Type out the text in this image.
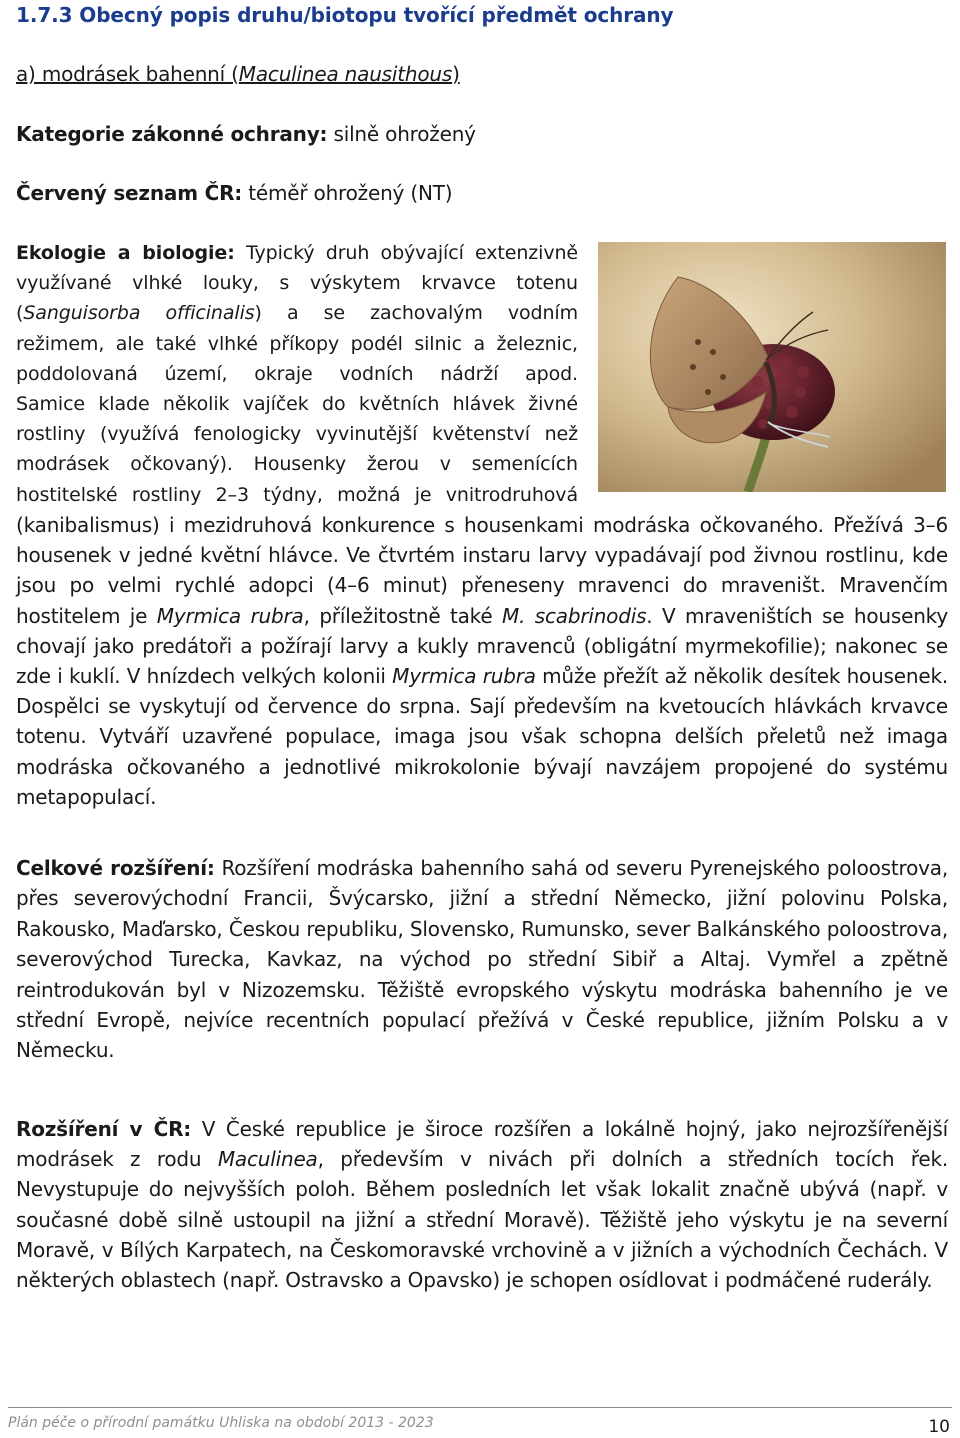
1.7.3 Obecný popis druhu/biotopu tvořící předmět ochrany

a) modrásek bahenní (Maculinea nausithous)

Kategorie zákonné ochrany: silně ohrožený

Červený seznam ČR: téměř ohrožený (NT)

Ekologie a biologie: Typický druh obývající extenzivně
využívané vlhké louky, s výskytem krvavce totenu
(Sanguisorba officinalis) a se zachovalým vodním
režimem, ale také vlhké příkopy podél silnic a železnic,
poddolovaná území, okraje vodních nádrží apod.
Samice klade několik vajíček do květních hlávek živné
rostliny (využívá fenologicky vyvinutější květenství než
modrásek očkovaný). Housenky žerou v semenících
hostitelské rostliny 2–3 týdny, možná je vnitrodruhová

(kanibalismus) i mezidruhová konkurence s housenkami modráska očkovaného. Přežívá 3–6 housenek v jedné květní hlávce. Ve čtvrtém instaru larvy vypadávají pod živnou rostlinu, kde jsou po velmi rychlé adopci (4–6 minut) přeneseny mravenci do mraveništ. Mravenčím hostitelem je Myrmica rubra, příležitostně také M. scabrinodis. V mraveništích se housenky chovají jako predátoři a požírají larvy a kukly mravenců (obligátní myrmekofilie); nakonec se zde i kuklí. V hnízdech velkých kolonii Myrmica rubra může přežít až několik desítek housenek. Dospělci se vyskytují od července do srpna. Sají především na kvetoucích hlávkách krvavce totenu. Vytváří uzavřené populace, imaga jsou však schopna delších přeletů než imaga modráska očkovaného a jednotlivé mikrokolonie bývají navzájem propojené do systému metapopulací.

Celkové rozšíření: Rozšíření modráska bahenního sahá od severu Pyrenejského poloostrova, přes severovýchodní Francii, Švýcarsko, jižní a střední Německo, jižní polovinu Polska, Rakousko, Maďarsko, Českou republiku, Slovensko, Rumunsko, sever Balkánského poloostrova, severovýchod Turecka, Kavkaz, na východ po střední Sibiř a Altaj. Vymřel a zpětně reintrodukován byl v Nizozemsku. Těžiště evropského výskytu modráska bahenního je ve střední Evropě, nejvíce recentních populací přežívá v České republice, jižním Polsku a v Německu.

Rozšíření v ČR: V České republice je široce rozšířen a lokálně hojný, jako nejrozšířenější modrásek z rodu Maculinea, především v nivách při dolních a středních tocích řek. Nevystupuje do nejvyšších poloh. Během posledních let však lokalit značně ubývá (např. v současné době silně ustoupil na jižní a střední Moravě). Těžiště jeho výskytu je na severní Moravě, v Bílých Karpatech, na Českomoravské vrchovině a v jižních a východních Čechách. V některých oblastech (např. Ostravsko a Opavsko) je schopen osídlovat i podmáčené ruderály.

Plán péče o přírodní památku Uhliska na období 2013 - 2023	10
